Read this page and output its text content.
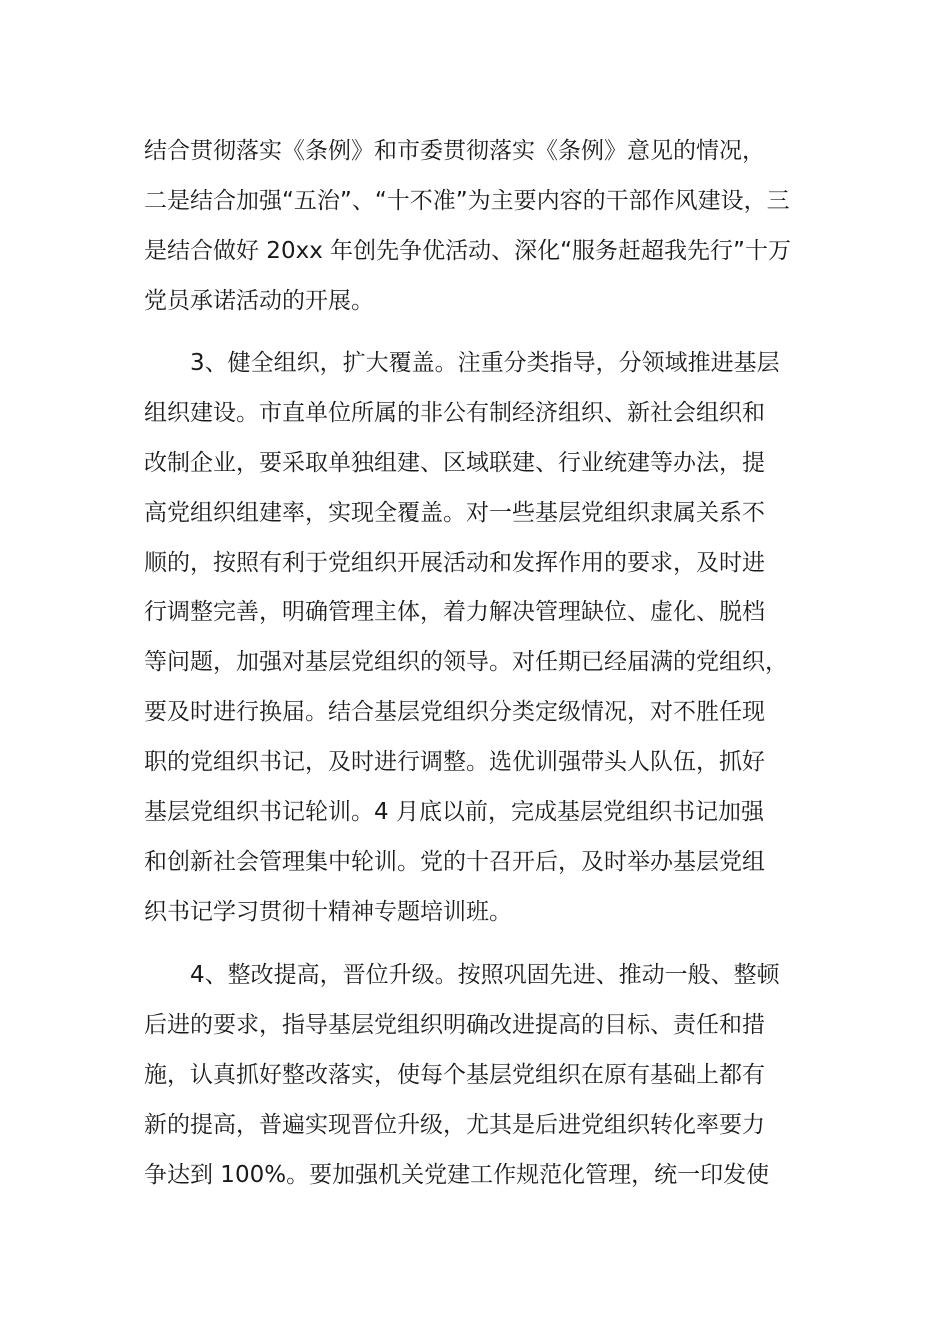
结合贯彻落实《条例》和市委贯彻落实《条例》意见的情况，
二是结合加强“五治”、“十不准”为主要内容的干部作风建设，三
是结合做好 20xx 年创先争优活动、深化“服务赶超我先行”十万
党员承诺活动的开展。
3、健全组织，扩大覆盖。注重分类指导，分领域推进基层
组织建设。市直单位所属的非公有制经济组织、新社会组织和
改制企业，要采取单独组建、区域联建、行业统建等办法，提
高党组织组建率，实现全覆盖。对一些基层党组织隶属关系不
顺的，按照有利于党组织开展活动和发挥作用的要求，及时进
行调整完善，明确管理主体，着力解决管理缺位、虚化、脱档
等问题，加强对基层党组织的领导。对任期已经届满的党组织，
要及时进行换届。结合基层党组织分类定级情况，对不胜任现
职的党组织书记，及时进行调整。选优训强带头人队伍，抓好
基层党组织书记轮训。4 月底以前，完成基层党组织书记加强
和创新社会管理集中轮训。党的十召开后，及时举办基层党组
织书记学习贯彻十精神专题培训班。
4、整改提高，晋位升级。按照巩固先进、推动一般、整顿
后进的要求，指导基层党组织明确改进提高的目标、责任和措
施，认真抓好整改落实，使每个基层党组织在原有基础上都有
新的提高，普遍实现晋位升级，尤其是后进党组织转化率要力
争达到 100%。要加强机关党建工作规范化管理，统一印发使
